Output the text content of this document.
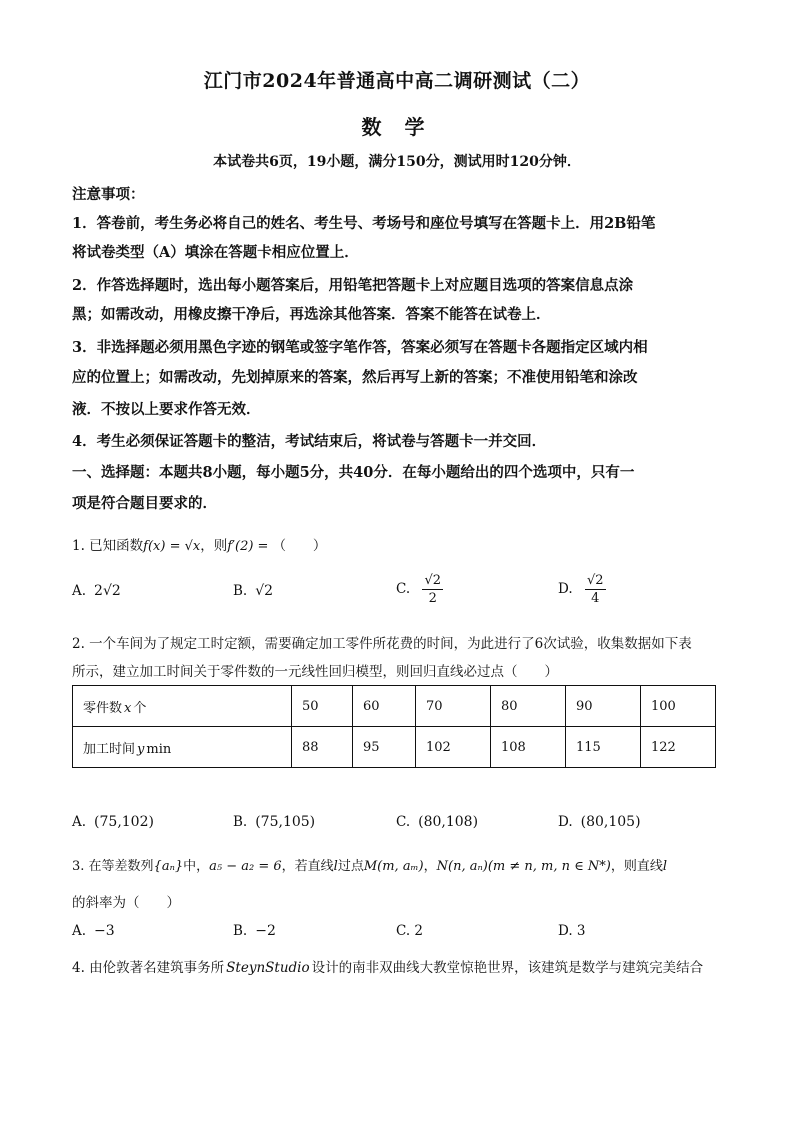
江门市2024年普通高中高二调研测试（二）
数 学
本试卷共6页，19小题，满分150分，测试用时120分钟．
注意事项：
1．答卷前，考生务必将自己的姓名、考生号、考场号和座位号填写在答题卡上．用2B铅笔
将试卷类型（A）填涂在答题卡相应位置上．
2．作答选择题时，选出每小题答案后，用铅笔把答题卡上对应题目选项的答案信息点涂
黑；如需改动，用橡皮擦干净后，再选涂其他答案．答案不能答在试卷上．
3．非选择题必须用黑色字迹的钢笔或签字笔作答，答案必须写在答题卡各题指定区域内相
应的位置上；如需改动，先划掉原来的答案，然后再写上新的答案；不准使用铅笔和涂改
液．不按以上要求作答无效．
4．考生必须保证答题卡的整洁，考试结束后，将试卷与答题卡一并交回．
一、选择题：本题共8小题，每小题5分，共40分．在每小题给出的四个选项中，只有一
项是符合题目要求的．
1. 已知函数f(x) = √x，则f′(2) = （　　）
A. 2√2	B. √2	C. $\frac{√2}{2}$	D. $\frac{√2}{4}$
2. 一个车间为了规定工时定额，需要确定加工零件所花费的时间，为此进行了6次试验，收集数据如下表
所示，建立加工时间关于零件数的一元线性回归模型，则回归直线必过点（　　）
零件数 x 个	50	60	70	80	90	100
加工时间 y min	88	95	102	108	115	122
A. (75,102)	B. (75,105)	C. (80,108)	D. (80,105)
3. 在等差数列{aₙ}中，a₅ − a₂ = 6，若直线l过点M(m, aₘ)，N(n, aₙ)(m ≠ n, m, n ∈ N*)，则直线l
的斜率为（　　）
A. −3	B. −2	C. 2	D. 3
4. 由伦敦著名建筑事务所 SteynStudio 设计的南非双曲线大教堂惊艳世界，该建筑是数学与建筑完美结合
